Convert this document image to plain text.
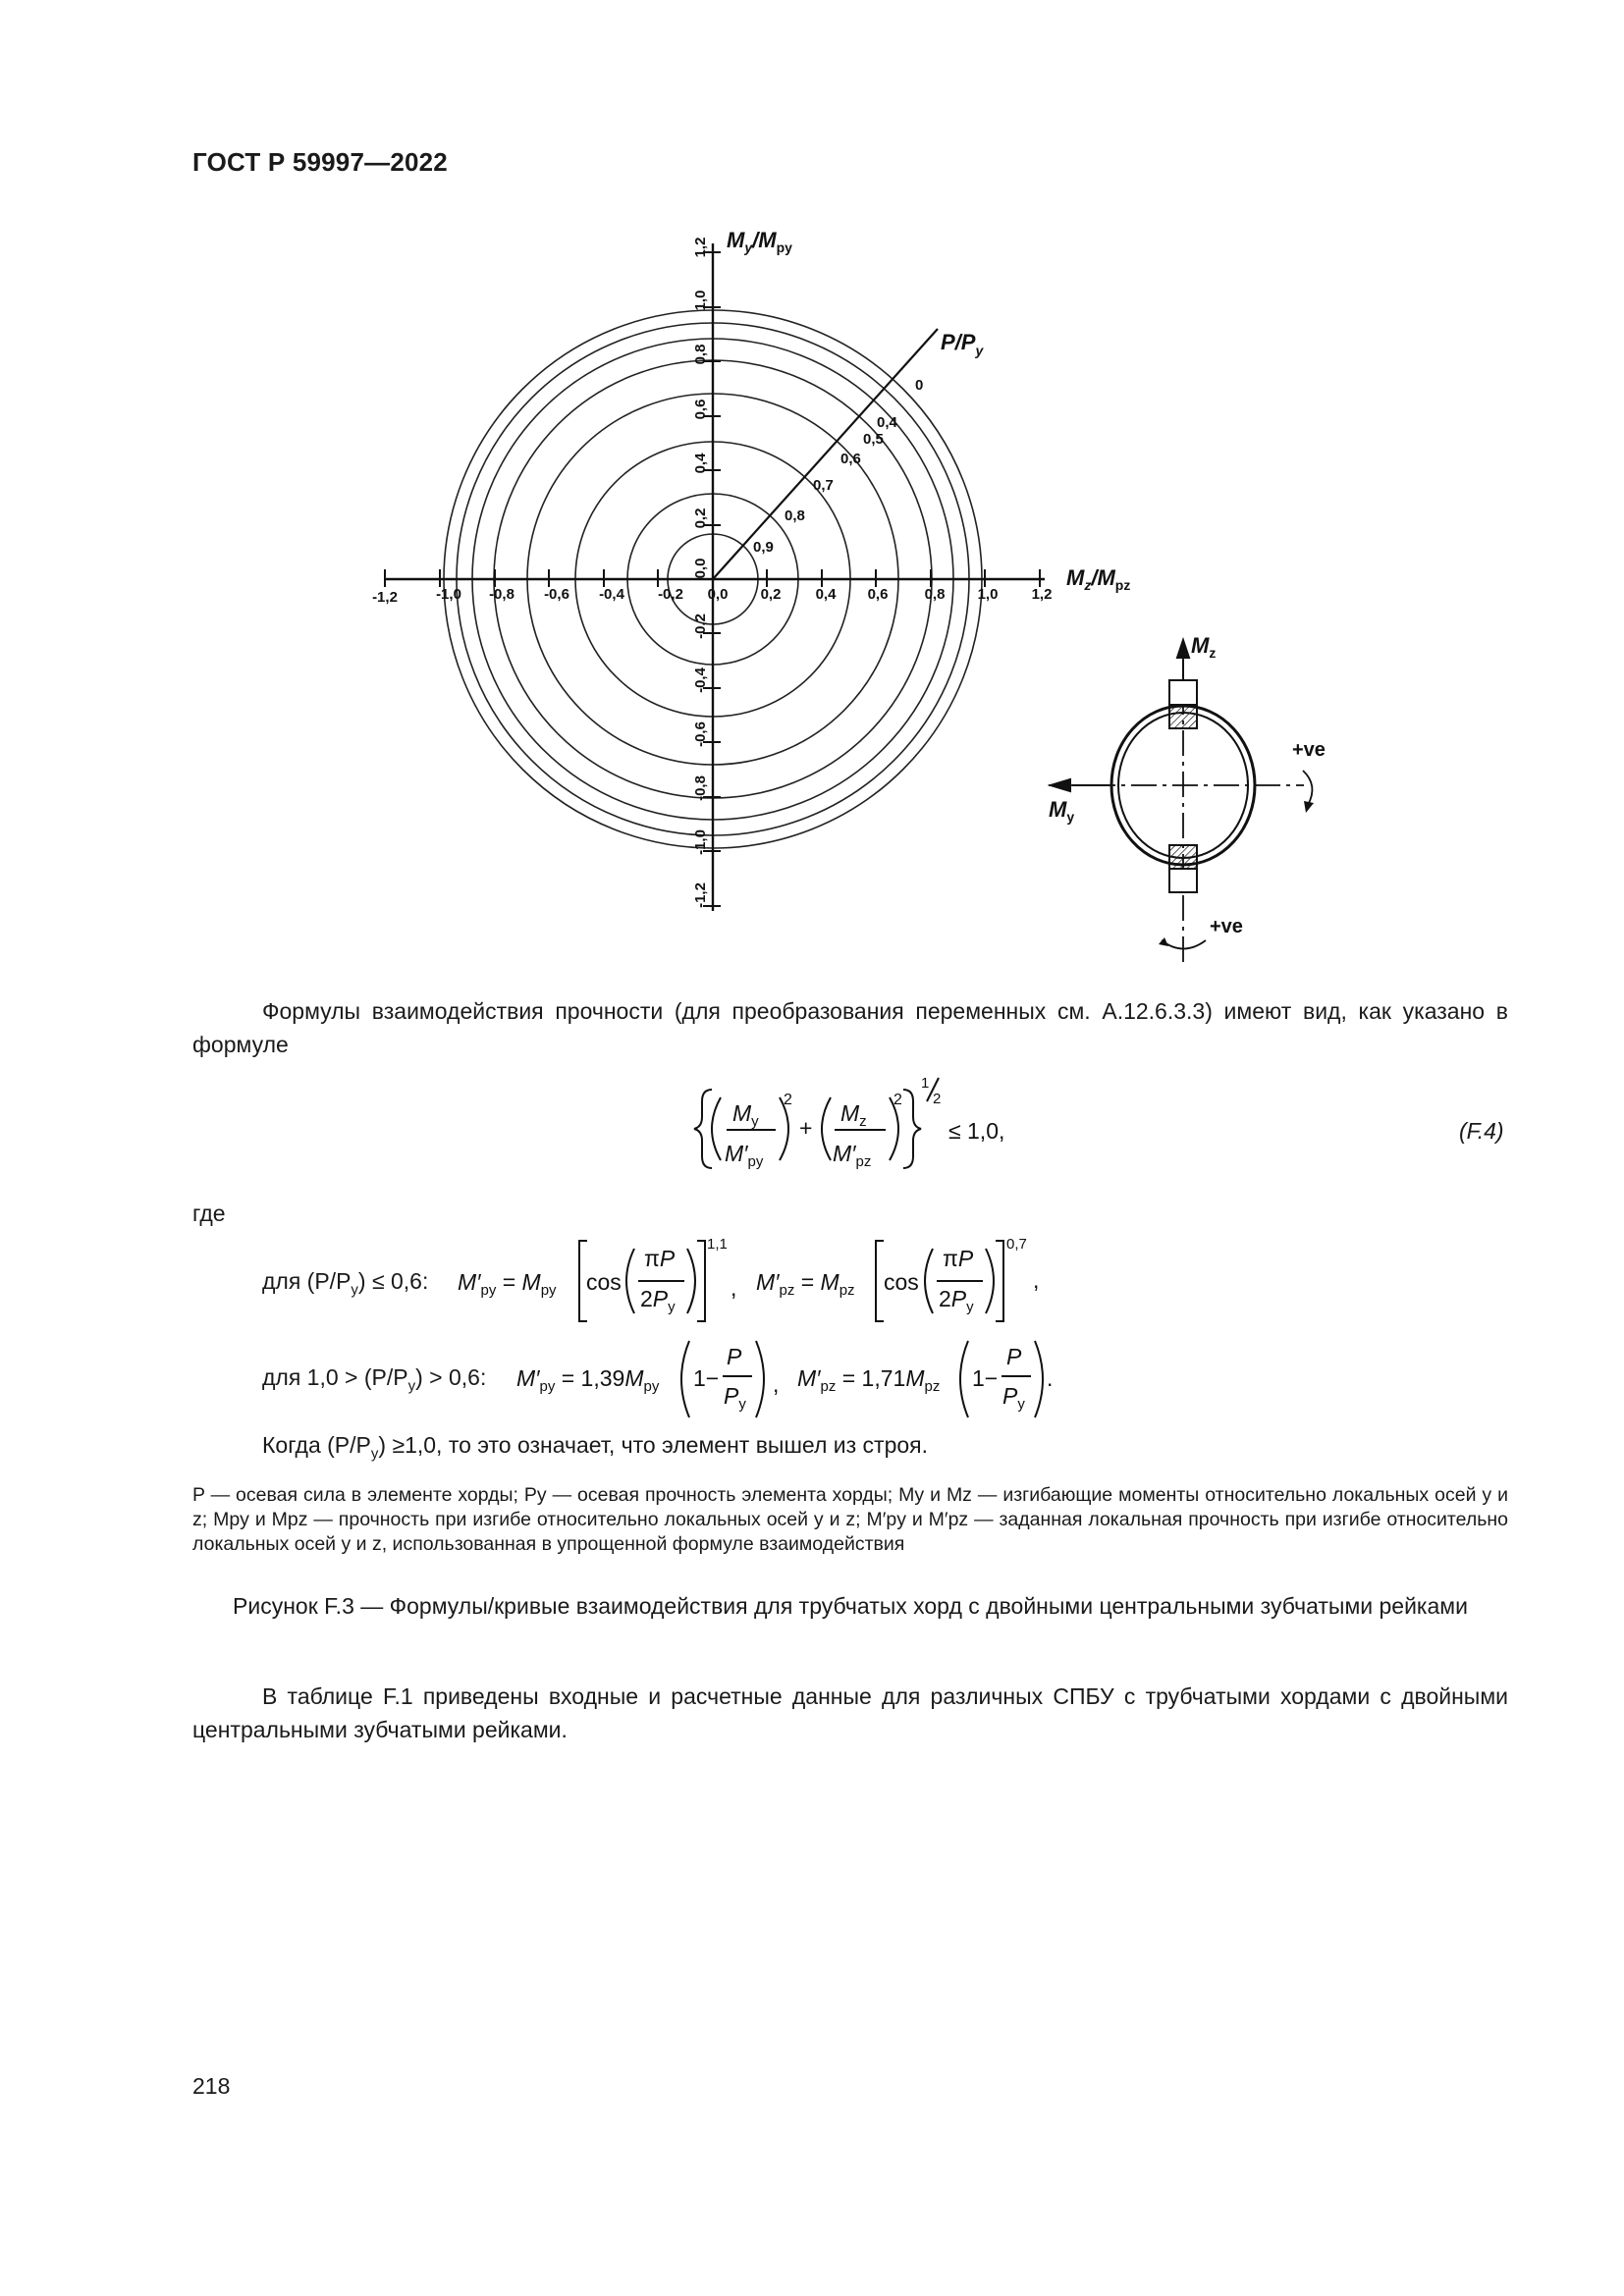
ГОСТ Р 59997—2022
-1,2	-1,0 -0,8 -0,6 -0,4 -0,2 0,0 0,2 0,4 0,6 0,8 1,0 1,2
0,0
0,2
0,4
0,6
0,8
1,0
1,2
-0,2
-0,4
-0,6
-0,8
-1,0
-1,2
$M_y/M_{py}$
$M_z/M_{pz}$
$P/P_y$
0
0,4
0,5
0,6
0,7
0,8
0,9
$M_z$
$M_y$
+ve
+ve
Формулы взаимодействия прочности (для преобразования переменных см. А.12.6.3.3) имеют вид, как указано в формуле
$M_y$
$M'_{py}$
$M_z$
$M'_{pz}$
+
2	2
1
2
≤ 1,0,	(F.4)
где
для $(P/P_y) \le 0,6$: $M'_{py} = M_{py}$ cos
πP
$2P_y$
, $M'_{pz} = M_{pz}$ cos
πP
$2P_y$
,
1,1	0,7
для $1,0 > (P/P_y) > 0,6$: $M'_{py} = 1,39M_{py}$ 1−
P
$P_y$
, $M'_{pz} = 1,71M_{pz}$ 1−
P
$P_y$
.
Когда $(P/P_y) \ge 1,0$, то это означает, что элемент вышел из строя.
P — осевая сила в элементе хорды; Py — осевая прочность элемента хорды; My и Mz — изгибающие моменты относительно локальных осей y и z; Mpy и Mpz — прочность при изгибе относительно локальных осей y и z; M′py и M′pz — заданная локальная прочность при изгибе относительно локальных осей y и z, использованная в упрощенной формуле взаимодействия
Рисунок F.3 — Формулы/кривые взаимодействия для трубчатых хорд с двойными центральными зубчатыми рейками
В таблице F.1 приведены входные и расчетные данные для различных СПБУ с трубчатыми хордами с двойными центральными зубчатыми рейками.
218
